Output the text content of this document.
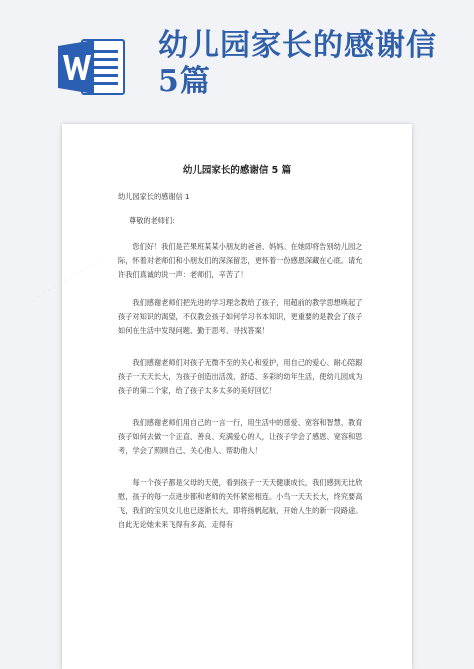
幼儿园家长的感谢信5篇
· · · · · · · · · · · ·
幼儿园家长的感谢信 5 篇
幼儿园家长的感谢信 1
尊敬的老师们:
您们好！我们是芒果班某某小朋友的爸爸、妈妈。在她即将告别幼儿园之际，怀着对老师们和小朋友们的深深留恋，更怀着一份感恩深藏在心底。请允许我们真诚的说一声：老师们，辛苦了！
我们感谢老师们把先进的学习理念教给了孩子，用超前的教学思想唤起了孩子对知识的渴望，不仅教会孩子如何学习书本知识，更重要的是教会了孩子如何在生活中发现问题、勤于思考、寻找答案！
我们感谢老师们对孩子无微不至的关心和爱护，用自己的爱心、耐心陪跟孩子一天天长大，为孩子创造出活泼、舒适、多彩的幼年生活，使幼儿园成为孩子的第二个家，给了孩子太多太多的美好回忆！
我们感谢老师们用自己的一言一行，用生活中的慈爱、宽容和智慧，教育孩子如何去做一个正直、善良、充满爱心的人，让孩子学会了感恩、宽容和思考，学会了照顾自己、关心他人、帮助他人！
每一个孩子都是父母的天使，看到孩子一天天健康成长，我们感到无比欣慰，孩子的每一点进步都和老师的关怀紧密相连。小鸟一天天长大，终究要高飞，我们的宝贝女儿也已逐渐长大，即将扬帆起航，开始人生的新一段路途。自此无论她未来飞得有多高、走得有
